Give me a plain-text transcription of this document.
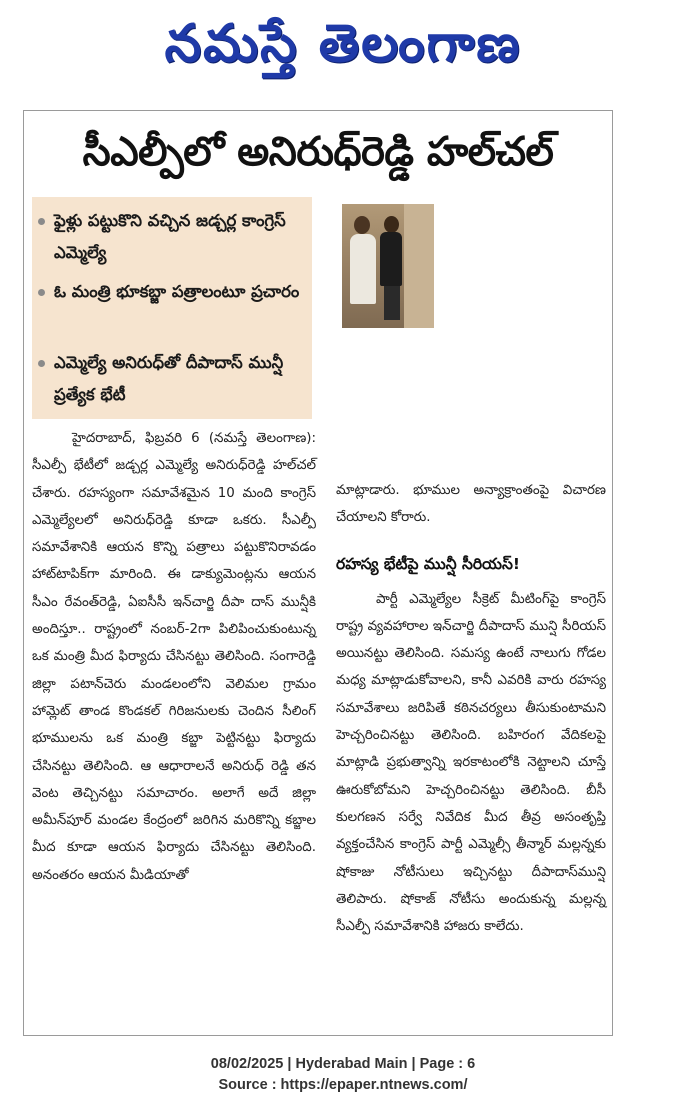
నమస్తే తెలంగాణ
సీఎల్పీలో అనిరుధ్‌రెడ్డి హల్‌చల్‌
ఫైళ్లు పట్టుకొని వచ్చిన జడ్చర్ల కాంగ్రెస్‌ ఎమ్మెల్యే
ఓ మంత్రి భూకబ్జా పత్రాలంటూ ప్రచారం
ఎమ్మెల్యే అనిరుధ్‌తో దీపాదాస్‌ మున్షీ ప్రత్యేక భేటీ

హైదరాబాద్‌, ఫిబ్రవరి 6 (నమస్తే తెలంగాణ): సీఎల్పీ భేటీలో జడ్చర్ల ఎమ్మెల్యే అనిరుధ్‌రెడ్డి హల్‌చల్‌ చేశారు. రహస్యంగా సమావేశమైన 10 మంది కాంగ్రెస్‌ ఎమ్మెల్యేలలో అనిరుధ్‌రెడ్డి కూడా ఒకరు. సీఎల్పీ సమావేశానికి ఆయన కొన్ని పత్రాలు పట్టుకొనిరావడం హాట్‌టాపిక్‌గా మారింది. ఈ డాక్యుమెంట్లను ఆయన సీఎం రేవంత్‌రెడ్డి, ఏఐసీసీ ఇన్‌చార్జి దీపా దాస్‌ మున్షీకి అందిస్తూ.. రాష్ట్రంలో నంబర్‌-2గా పిలిపించుకుంటున్న ఒక మంత్రి మీద ఫిర్యాదు చేసినట్టు తెలిసింది. సంగారెడ్డి జిల్లా పటాన్‌చెరు మండలంలోని వెలిమల గ్రామం హామ్లెట్‌ తాండ కొండకల్‌ గిరిజనులకు చెందిన సీలింగ్‌ భూములను ఒక మంత్రి కబ్జా పెట్టినట్టు ఫిర్యాదు చేసినట్టు తెలిసింది. ఆ ఆధారాలనే అనిరుధ్‌ రెడ్డి తన వెంట తెచ్చినట్టు సమాచారం. అలాగే అదే జిల్లా అమీన్‌పూర్‌ మండల కేంద్రంలో జరిగిన మరికొన్ని కబ్జాల మీద కూడా ఆయన ఫిర్యాదు చేసినట్టు తెలిసింది. అనంతరం ఆయన మీడియాతో

మాట్లాడారు. భూముల అన్యాక్రాంతంపై విచారణ చేయాలని కోరారు.

రహస్య భేటీపై మున్షీ సీరియస్‌!

పార్టీ ఎమ్మెల్యేల సీక్రెట్‌ మీటింగ్‌పై కాంగ్రెస్‌ రాష్ట్ర వ్యవహారాల ఇన్‌చార్జి దీపాదాస్‌ మున్షి సీరియస్‌ అయినట్టు తెలిసింది. సమస్య ఉంటే నాలుగు గోడల మధ్య మాట్లాడుకోవాలని, కానీ ఎవరికి వారు రహస్య సమావేశాలు జరిపితే కఠినచర్యలు తీసుకుంటామని హెచ్చరించినట్టు తెలిసింది. బహిరంగ వేదికలపై మాట్లాడి ప్రభుత్వాన్ని ఇరకాటంలోకి నెట్టాలని చూస్తే ఊరుకోబోమని హెచ్చరించినట్టు తెలిసింది. బీసీ కులగణన సర్వే నివేదిక మీద తీవ్ర అసంతృప్తి వ్యక్తంచేసిన కాంగ్రెస్‌ పార్టీ ఎమ్మెల్సీ తీన్మార్‌ మల్లన్నకు షోకాజు నోటీసులు ఇచ్చినట్టు దీపాదాస్‌మున్షి తెలిపారు. షోకాజ్‌ నోటీసు అందుకున్న మల్లన్న సీఎల్పీ సమావేశానికి హాజరు కాలేదు.

08/02/2025 | Hyderabad Main | Page : 6
Source : https://epaper.ntnews.com/
